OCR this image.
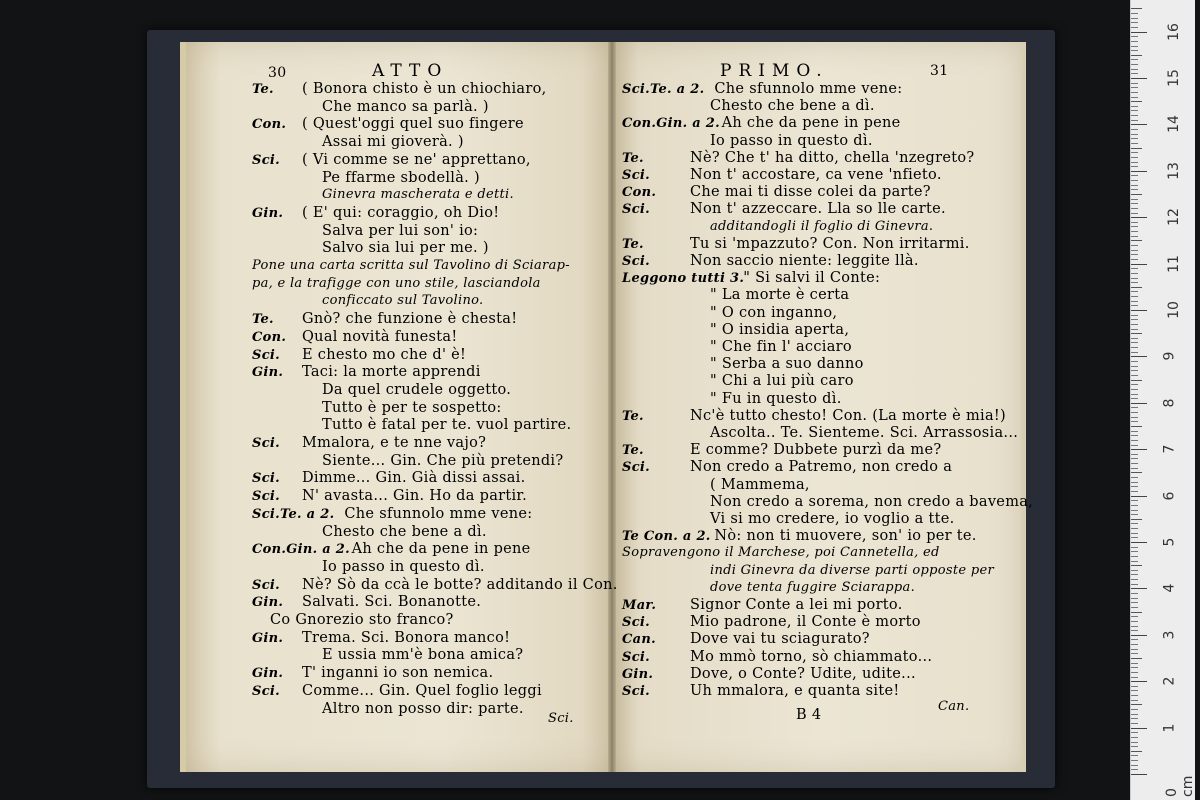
30	ATTO	PRIMO.	31
Te. ( Bonora chisto è un chiochiaro,
Che manco sa parlà. )
Con. ( Quest'oggi quel suo fingere
Assai mi gioverà. )
Sci. ( Vi comme se ne' apprettano,
Pe ffarme sbodellà. )
Ginevra mascherata e detti.
Gin. ( E' qui: coraggio, oh Dio!
Salva per lui son' io:
Salvo sia lui per me. )
Pone una carta scritta sul Tavolino di Sciarap-
pa, e la trafigge con uno stile, lasciandola
conficcato sul Tavolino.
Te. Gnò? che funzione è chesta!
Con. Qual novità funesta!
Sci. E chesto mo che d' è!
Gin. Taci: la morte apprendi
Da quel crudele oggetto.
Tutto è per te sospetto:
Tutto è fatal per te. vuol partire.
Sci. Mmalora, e te nne vajo?
Siente... Gin. Che più pretendi?
Sci. Dimme... Gin. Già dissi assai.
Sci. N' avasta... Gin. Ho da partir.
Sci.Te. a 2. Che sfunnolo mme vene:
Chesto che bene a dì.
Con.Gin. a 2. Ah che da pene in pene
Io passo in questo dì.
Sci. Nè? Sò da ccà le botte? additando il Con.
Gin. Salvati. Sci. Bonanotte.
Co Gnorezio sto franco?
Gin. Trema. Sci. Bonora manco!
E ussia mm'è bona amica?
Gin. T' inganni io son nemica.
Sci. Comme... Gin. Quel foglio leggi
Altro non posso dir: parte.
Sci.Te. a 2. Che sfunnolo mme vene:
Chesto che bene a dì.
Con.Gin. a 2. Ah che da pene in pene
Io passo in questo dì.
Te.	Nè? Che t' ha ditto, chella 'nzegreto?
Sci.	Non t' accostare, ca vene 'nfieto.
Con. Che mai ti disse colei da parte?
Sci.	Non t' azzeccare. Lla so lle carte.
additandogli il foglio di Ginevra.
Te.	Tu si 'mpazzuto? Con. Non irritarmi.
Sci.	Non saccio niente: leggite llà.
Leggono tutti 3.
" Si salvi il Conte:
" La morte è certa
" O con inganno,
" O insidia aperta,
" Che fin l' acciaro
" Serba a suo danno
" Chi a lui più caro
" Fu in questo dì.
Te.	Nc'è tutto chesto! Con. (La morte è mia!)
Ascolta.. Te. Sienteme. Sci. Arrassosia...
Te.	E comme? Dubbete purzì da me?
Sci.	Non credo a Patremo, non credo a
( Mammema,
Non credo a sorema, non credo a bavema,
Vi si mo credere, io voglio a tte.
Te Con. a 2. Nò: non ti muovere, son' io per te.
Sopravengono il Marchese, poi Cannetella, ed
indi Ginevra da diverse parti opposte per
dove tenta fuggire Sciarappa.
Mar. Signor Conte a lei mi porto.
Sci.	Mio padrone, il Conte è morto
Can. Dove vai tu sciagurato?
Sci.	Mo mmò torno, sò chiammato...
Gin.	Dove, o Conte? Udite, udite...
Sci.	Uh mmalora, e quanta site!
Sci.	B 4
Can.
0 cm
1
2
3
4
5
6
7
8
9
10
11
12
13
14
15
16
